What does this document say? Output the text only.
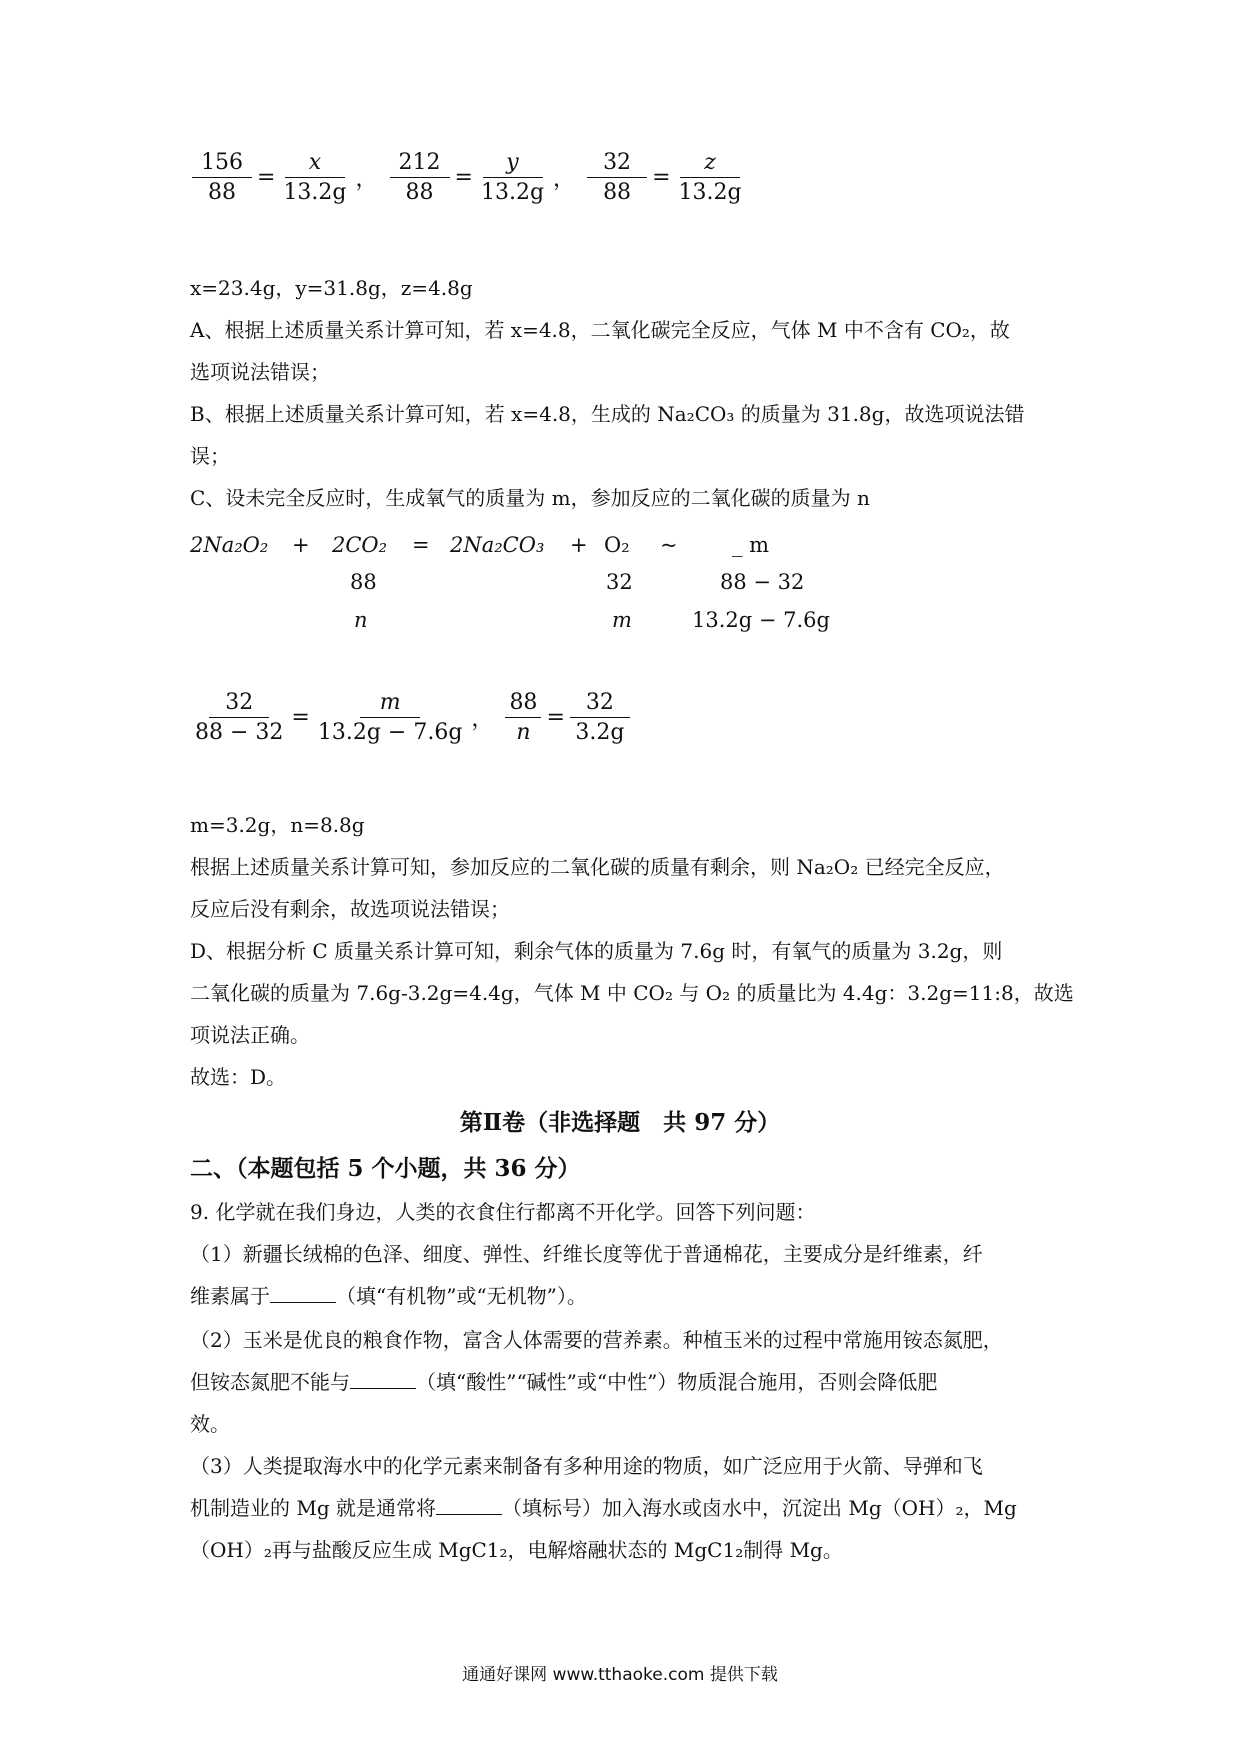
$\frac{156}{88} = \frac{x}{13.2g}$ ， $\frac{212}{88} = \frac{y}{13.2g}$ ， $\frac{32}{88} = \frac{z}{13.2g}$
x=23.4g，y=31.8g，z=4.8g
A、根据上述质量关系计算可知，若 x=4.8，二氧化碳完全反应，气体 M 中不含有 CO₂，故
选项说法错误；
B、根据上述质量关系计算可知，若 x=4.8，生成的 Na₂CO₃ 的质量为 31.8g，故选项说法错
误；
C、设未完全反应时，生成氧气的质量为 m，参加反应的二氧化碳的质量为 n
2Na₂O₂ + 2CO₂ = 2Na₂CO₃ + O₂ ~	_ m
88	32	88 − 32
n	m	13.2g − 7.6g
$\frac{32}{88 - 32} = \frac{m}{13.2g - 7.6g}$ ， $\frac{88}{n} = \frac{32}{3.2g}$
m=3.2g，n=8.8g
根据上述质量关系计算可知，参加反应的二氧化碳的质量有剩余，则 Na₂O₂ 已经完全反应，
反应后没有剩余，故选项说法错误；
D、根据分析 C 质量关系计算可知，剩余气体的质量为 7.6g 时，有氧气的质量为 3.2g，则
二氧化碳的质量为 7.6g-3.2g=4.4g，气体 M 中 CO₂ 与 O₂ 的质量比为 4.4g：3.2g=11:8，故选
项说法正确。
故选：D。
第Ⅱ卷（非选择题　共 97 分）
二、（本题包括 5 个小题，共 36 分）
9. 化学就在我们身边，人类的衣食住行都离不开化学。回答下列问题：
（1）新疆长绒棉的色泽、细度、弹性、纤维长度等优于普通棉花，主要成分是纤维素，纤
维素属于	（填“有机物”或“无机物”）。
（2）玉米是优良的粮食作物，富含人体需要的营养素。种植玉米的过程中常施用铵态氮肥，
但铵态氮肥不能与	（填“酸性”“碱性”或“中性”）物质混合施用，否则会降低肥
效。
（3）人类提取海水中的化学元素来制备有多种用途的物质，如广泛应用于火箭、导弹和飞
机制造业的 Mg 就是通常将	（填标号）加入海水或卤水中，沉淀出 Mg（OH）₂，Mg
（OH）₂再与盐酸反应生成 MgC1₂，电解熔融状态的 MgC1₂制得 Mg。
通通好课网 www.tthaoke.com 提供下载
